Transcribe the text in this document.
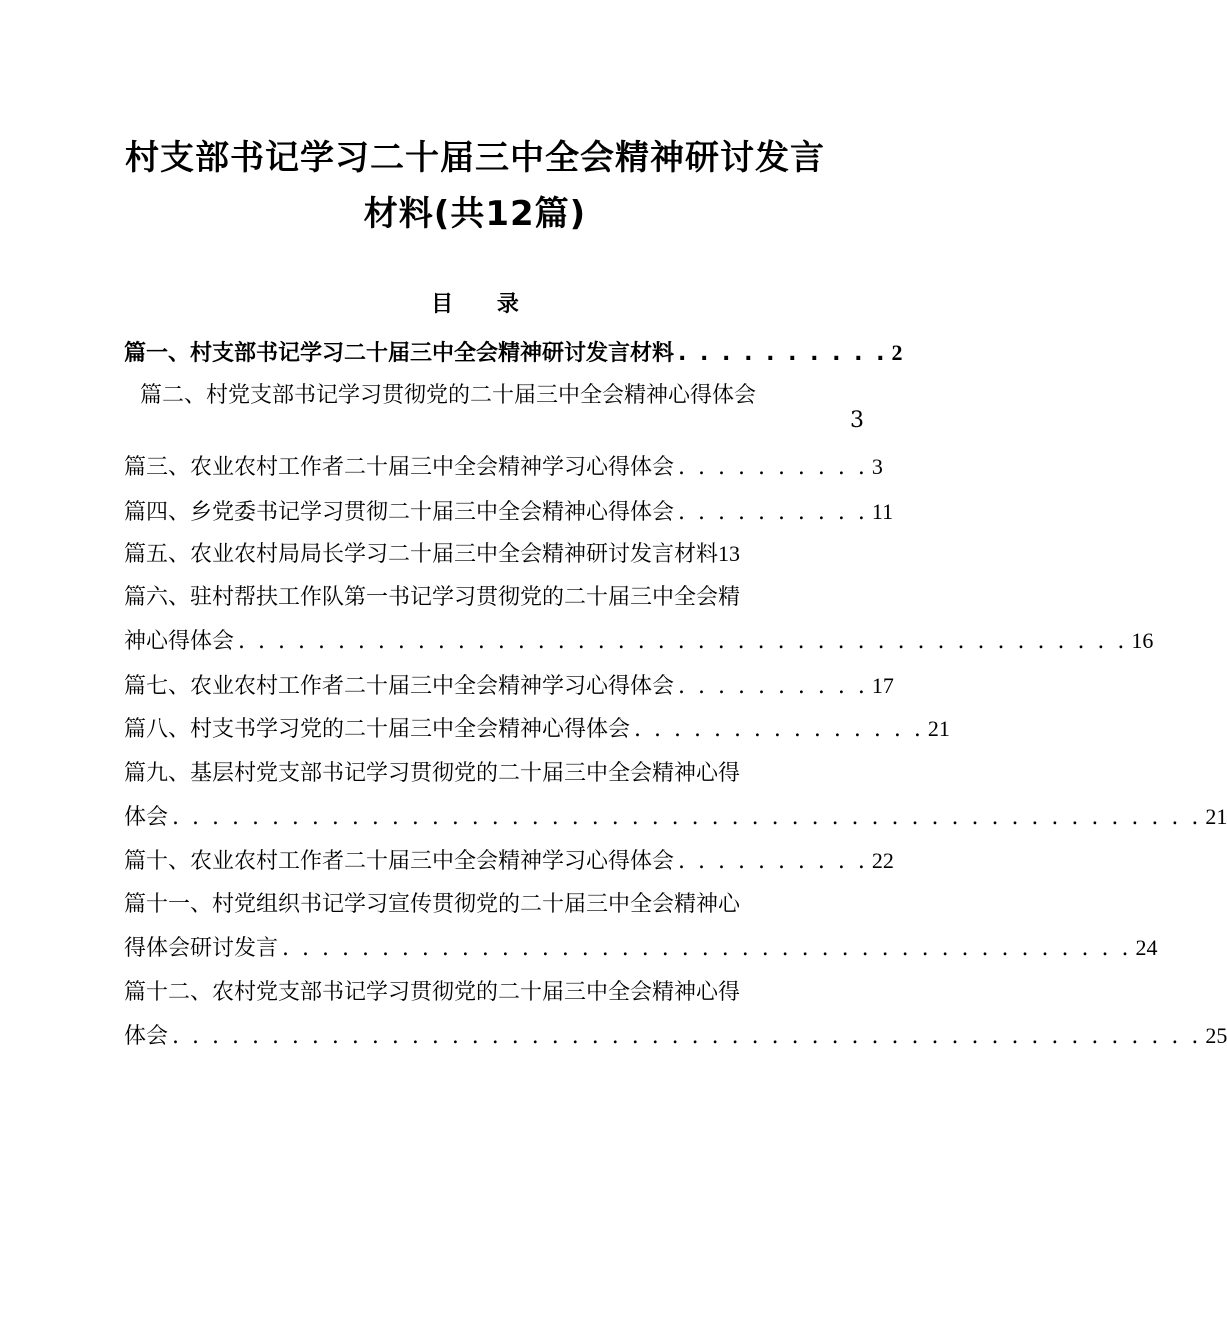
村支部书记学习二十届三中全会精神研讨发言
材料(共12篇)
目 录
篇一、村支部书记学习二十届三中全会精神研讨发言材料 . . . . . . . . . . 2
篇二、村党支部书记学习贯彻党的二十届三中全会精神心得体会
3
篇三、农业农村工作者二十届三中全会精神学习心得体会 . . . . . . . . . . 3
篇四、乡党委书记学习贯彻二十届三中全会精神心得体会 . . . . . . . . . . 11
篇五、农业农村局局长学习二十届三中全会精神研讨发言材料 13
篇六、驻村帮扶工作队第一书记学习贯彻党的二十届三中全会精
神心得体会 . . . . . . . . . . . . . . . . . . . . . . . . . . . . . . . . . . . . . . . . . . . . . 16
篇七、农业农村工作者二十届三中全会精神学习心得体会 . . . . . . . . . . 17
篇八、村支书学习党的二十届三中全会精神心得体会 . . . . . . . . . . . . . . . 21
篇九、基层村党支部书记学习贯彻党的二十届三中全会精神心得
体会 . . . . . . . . . . . . . . . . . . . . . . . . . . . . . . . . . . . . . . . . . . . . . . . . . . . . 21
篇十、农业农村工作者二十届三中全会精神学习心得体会 . . . . . . . . . . 22
篇十一、村党组织书记学习宣传贯彻党的二十届三中全会精神心
得体会研讨发言 . . . . . . . . . . . . . . . . . . . . . . . . . . . . . . . . . . . . . . . . . . . 24
篇十二、农村党支部书记学习贯彻党的二十届三中全会精神心得
体会 . . . . . . . . . . . . . . . . . . . . . . . . . . . . . . . . . . . . . . . . . . . . . . . . . . . . 25
